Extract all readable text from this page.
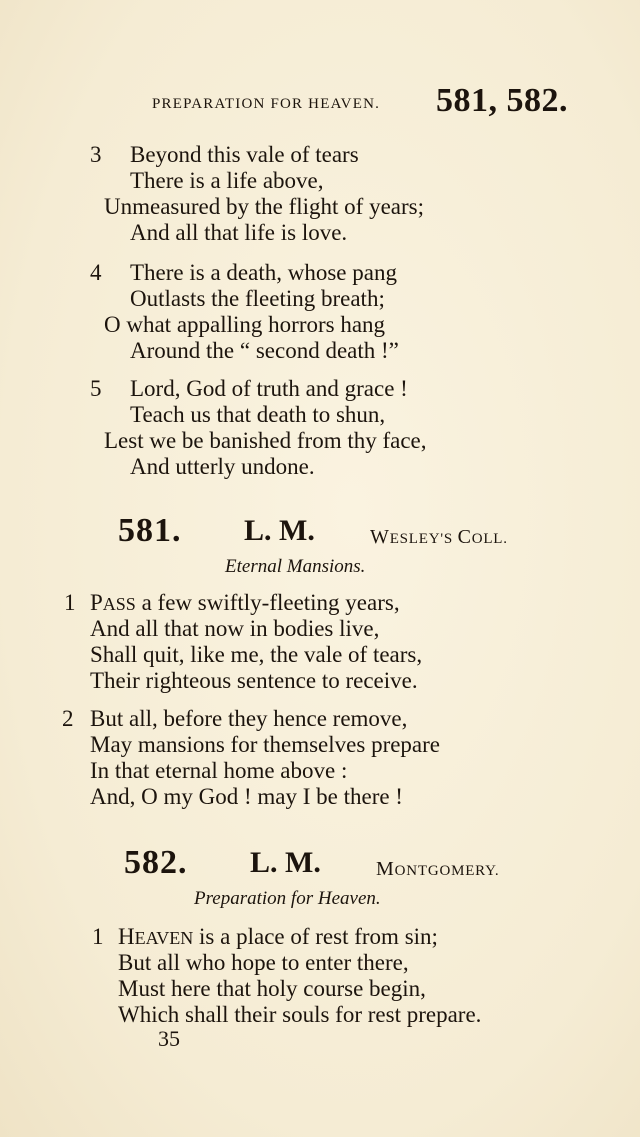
PREPARATION FOR HEAVEN. 581, 582.
3 Beyond this vale of tears
There is a life above,
Unmeasured by the flight of years;
And all that life is love.
4 There is a death, whose pang
Outlasts the fleeting breath;
O what appalling horrors hang
Around the “ second death !”
5 Lord, God of truth and grace !
Teach us that death to shun,
Lest we be banished from thy face,
And utterly undone.
581. L. M.	WESLEY'S COLL.
Eternal Mansions.
1 PASS a few swiftly-fleeting years,
And all that now in bodies live,
Shall quit, like me, the vale of tears,
Their righteous sentence to receive.
2 But all, before they hence remove,
May mansions for themselves prepare
In that eternal home above :
And, O my God ! may I be there !
582. L. M.	MONTGOMERY.
Preparation for Heaven.
1 HEAVEN is a place of rest from sin;
But all who hope to enter there,
Must here that holy course begin,
Which shall their souls for rest prepare.
35
